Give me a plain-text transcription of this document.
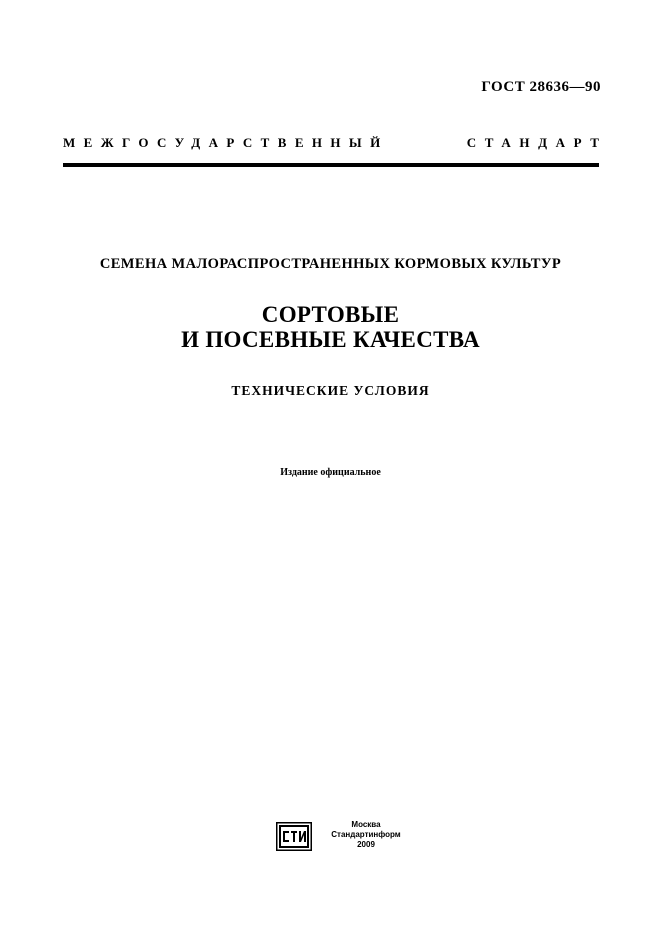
ГОСТ 28636—90
МЕЖГОСУДАРСТВЕННЫЙ	СТАНДАРТ
СЕМЕНА МАЛОРАСПРОСТРАНЕННЫХ КОРМОВЫХ КУЛЬТУР
СОРТОВЫЕ
И ПОСЕВНЫЕ КАЧЕСТВА
ТЕХНИЧЕСКИЕ УСЛОВИЯ
Издание официальное
Москва
Стандартинформ
2009
